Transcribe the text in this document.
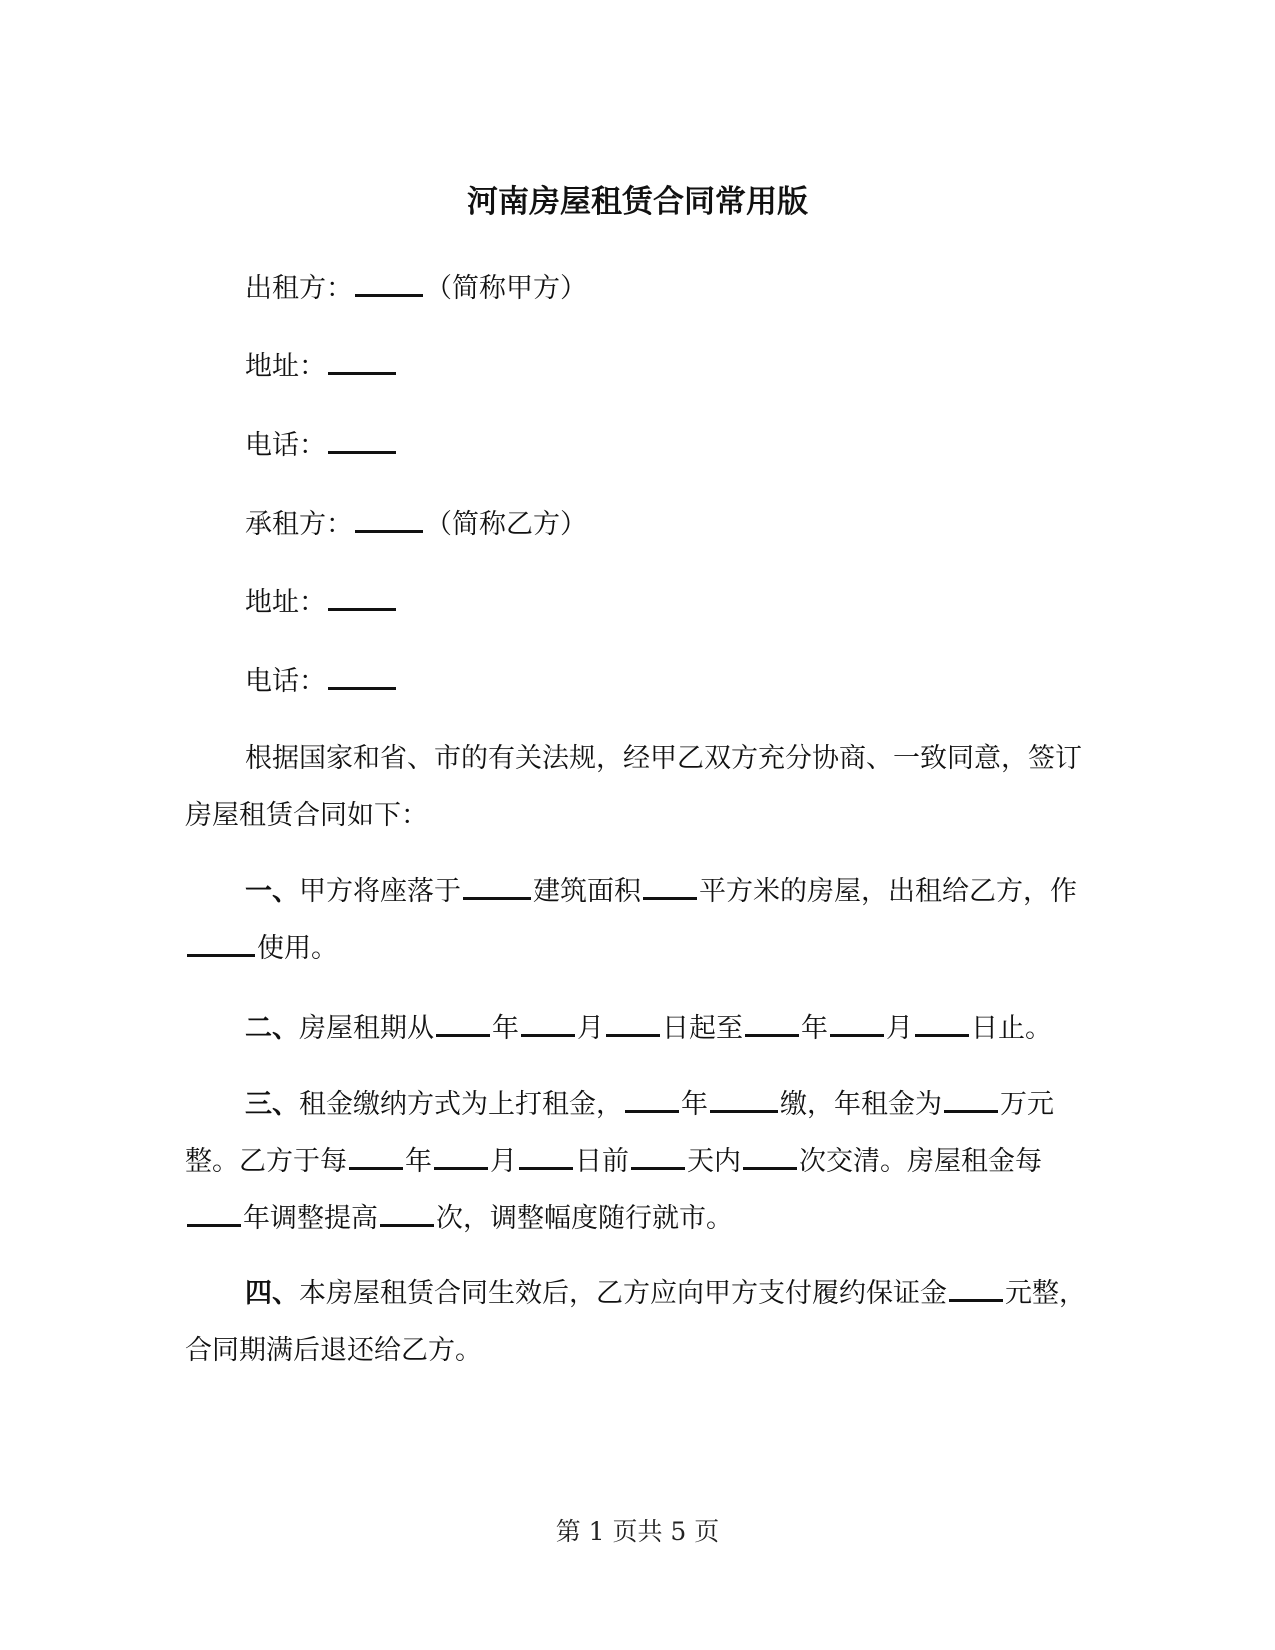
河南房屋租赁合同常用版
出租方：	（简称甲方）
地址：
电话：
承租方：	（简称乙方）
地址：
电话：
根据国家和省、市的有关法规，经甲乙双方充分协商、一致同意，签订房屋租赁合同如下：
一、甲方将座落于	建筑面积 平方米的房屋，出租给乙方，作使用。
二、房屋租期从 年 月 日起至 年 月 日止。
三、租金缴纳方式为上打租金， 年	缴，年租金为 万元整。乙方于每 年 月 日前 天内 次交清。房屋租金每年调整提高 次，调整幅度随行就市。
四、本房屋租赁合同生效后，乙方应向甲方支付履约保证金 元整，合同期满后退还给乙方。
第 1 页共 5 页
